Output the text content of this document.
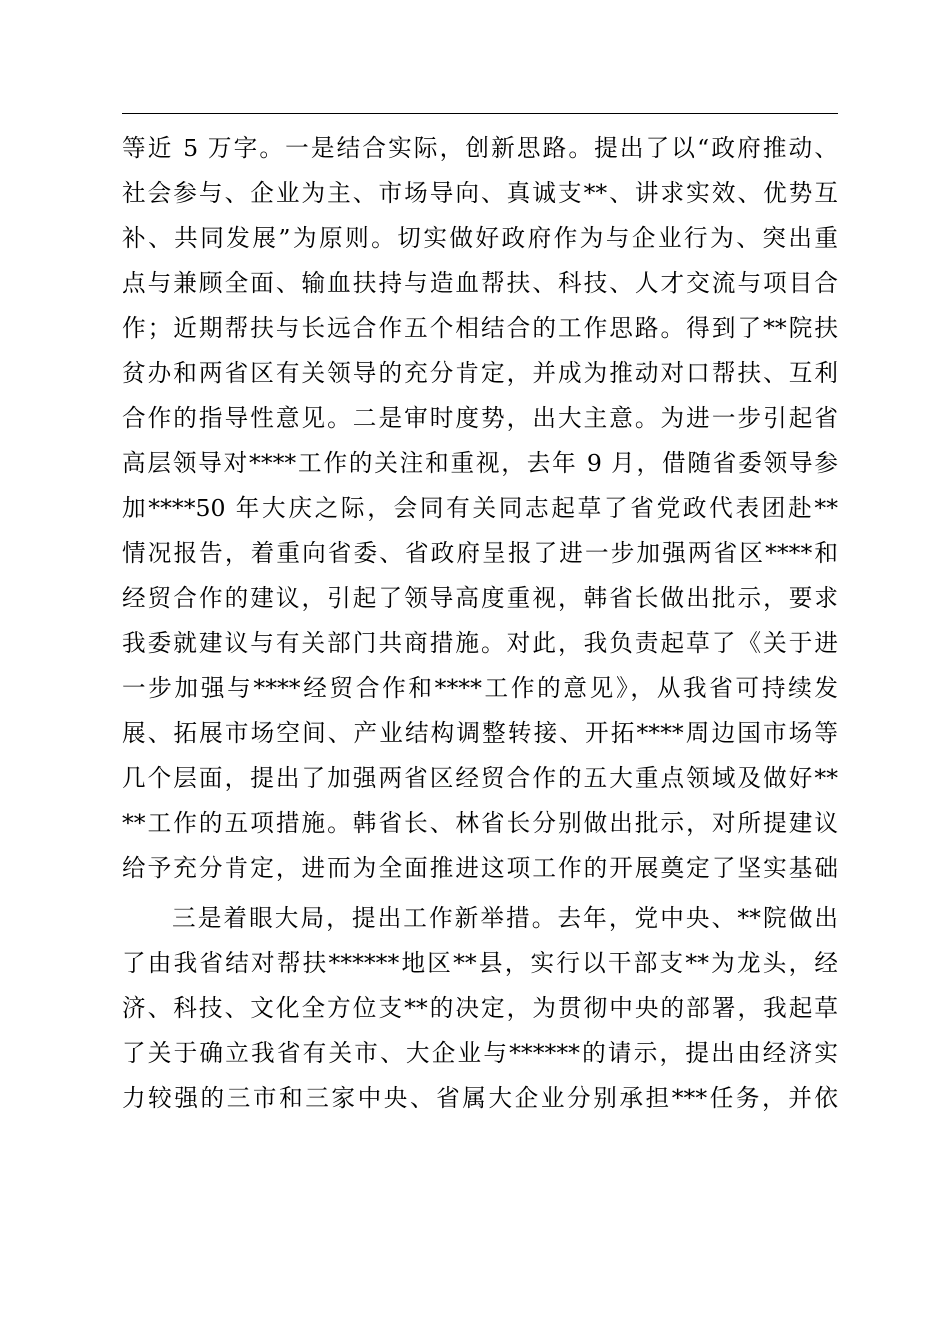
等近 5 万字。一是结合实际，创新思路。提出了以“政府推动、
社会参与、企业为主、市场导向、真诚支**、讲求实效、优势互
补、共同发展”为原则。切实做好政府作为与企业行为、突出重
点与兼顾全面、输血扶持与造血帮扶、科技、人才交流与项目合
作；近期帮扶与长远合作五个相结合的工作思路。得到了**院扶
贫办和两省区有关领导的充分肯定，并成为推动对口帮扶、互利
合作的指导性意见。二是审时度势，出大主意。为进一步引起省
高层领导对****工作的关注和重视，去年 9 月，借随省委领导参
加****50 年大庆之际，会同有关同志起草了省党政代表团赴**
情况报告，着重向省委、省政府呈报了进一步加强两省区****和
经贸合作的建议，引起了领导高度重视，韩省长做出批示，要求
我委就建议与有关部门共商措施。对此，我负责起草了《关于进
一步加强与****经贸合作和****工作的意见》，从我省可持续发
展、拓展市场空间、产业结构调整转接、开拓****周边国市场等
几个层面，提出了加强两省区经贸合作的五大重点领域及做好**
**工作的五项措施。韩省长、林省长分别做出批示，对所提建议
给予充分肯定，进而为全面推进这项工作的开展奠定了坚实基础
三是着眼大局，提出工作新举措。去年，党中央、**院做出
了由我省结对帮扶******地区**县，实行以干部支**为龙头，经
济、科技、文化全方位支**的决定，为贯彻中央的部署，我起草
了关于确立我省有关市、大企业与******的请示，提出由经济实
力较强的三市和三家中央、省属大企业分别承担***任务，并依
